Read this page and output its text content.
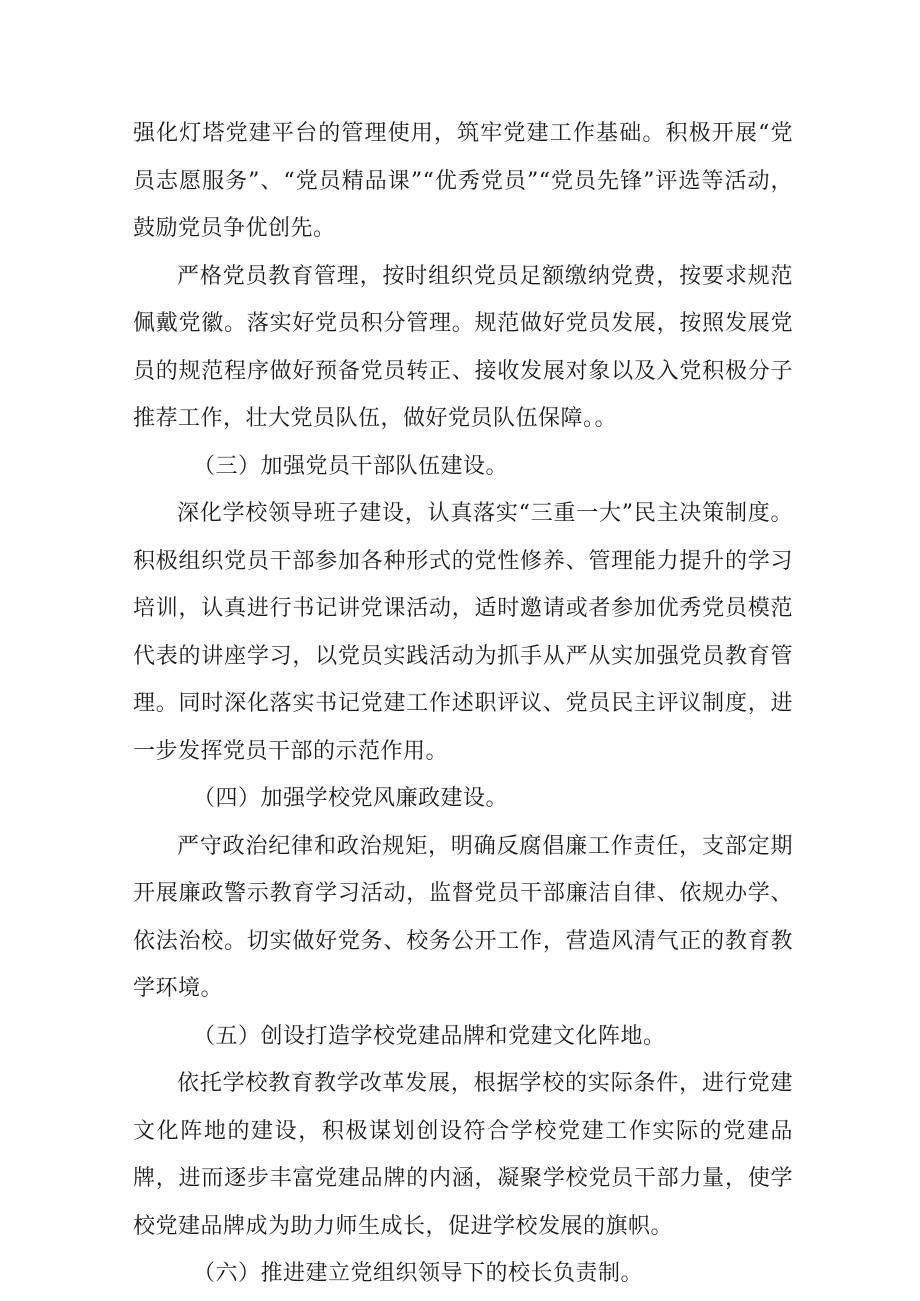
强化灯塔党建平台的管理使用，筑牢党建工作基础。积极开展“党员志愿服务”、“党员精品课”“优秀党员”“党员先锋”评选等活动，鼓励党员争优创先。

严格党员教育管理，按时组织党员足额缴纳党费，按要求规范佩戴党徽。落实好党员积分管理。规范做好党员发展，按照发展党员的规范程序做好预备党员转正、接收发展对象以及入党积极分子推荐工作，壮大党员队伍，做好党员队伍保障。。

（三）加强党员干部队伍建设。

深化学校领导班子建设，认真落实“三重一大”民主决策制度。积极组织党员干部参加各种形式的党性修养、管理能力提升的学习培训，认真进行书记讲党课活动，适时邀请或者参加优秀党员模范代表的讲座学习，以党员实践活动为抓手从严从实加强党员教育管理。同时深化落实书记党建工作述职评议、党员民主评议制度，进一步发挥党员干部的示范作用。

（四）加强学校党风廉政建设。

严守政治纪律和政治规矩，明确反腐倡廉工作责任，支部定期开展廉政警示教育学习活动，监督党员干部廉洁自律、依规办学、依法治校。切实做好党务、校务公开工作，营造风清气正的教育教学环境。

（五）创设打造学校党建品牌和党建文化阵地。

依托学校教育教学改革发展，根据学校的实际条件，进行党建文化阵地的建设，积极谋划创设符合学校党建工作实际的党建品牌，进而逐步丰富党建品牌的内涵，凝聚学校党员干部力量，使学校党建品牌成为助力师生成长，促进学校发展的旗帜。

（六）推进建立党组织领导下的校长负责制。
